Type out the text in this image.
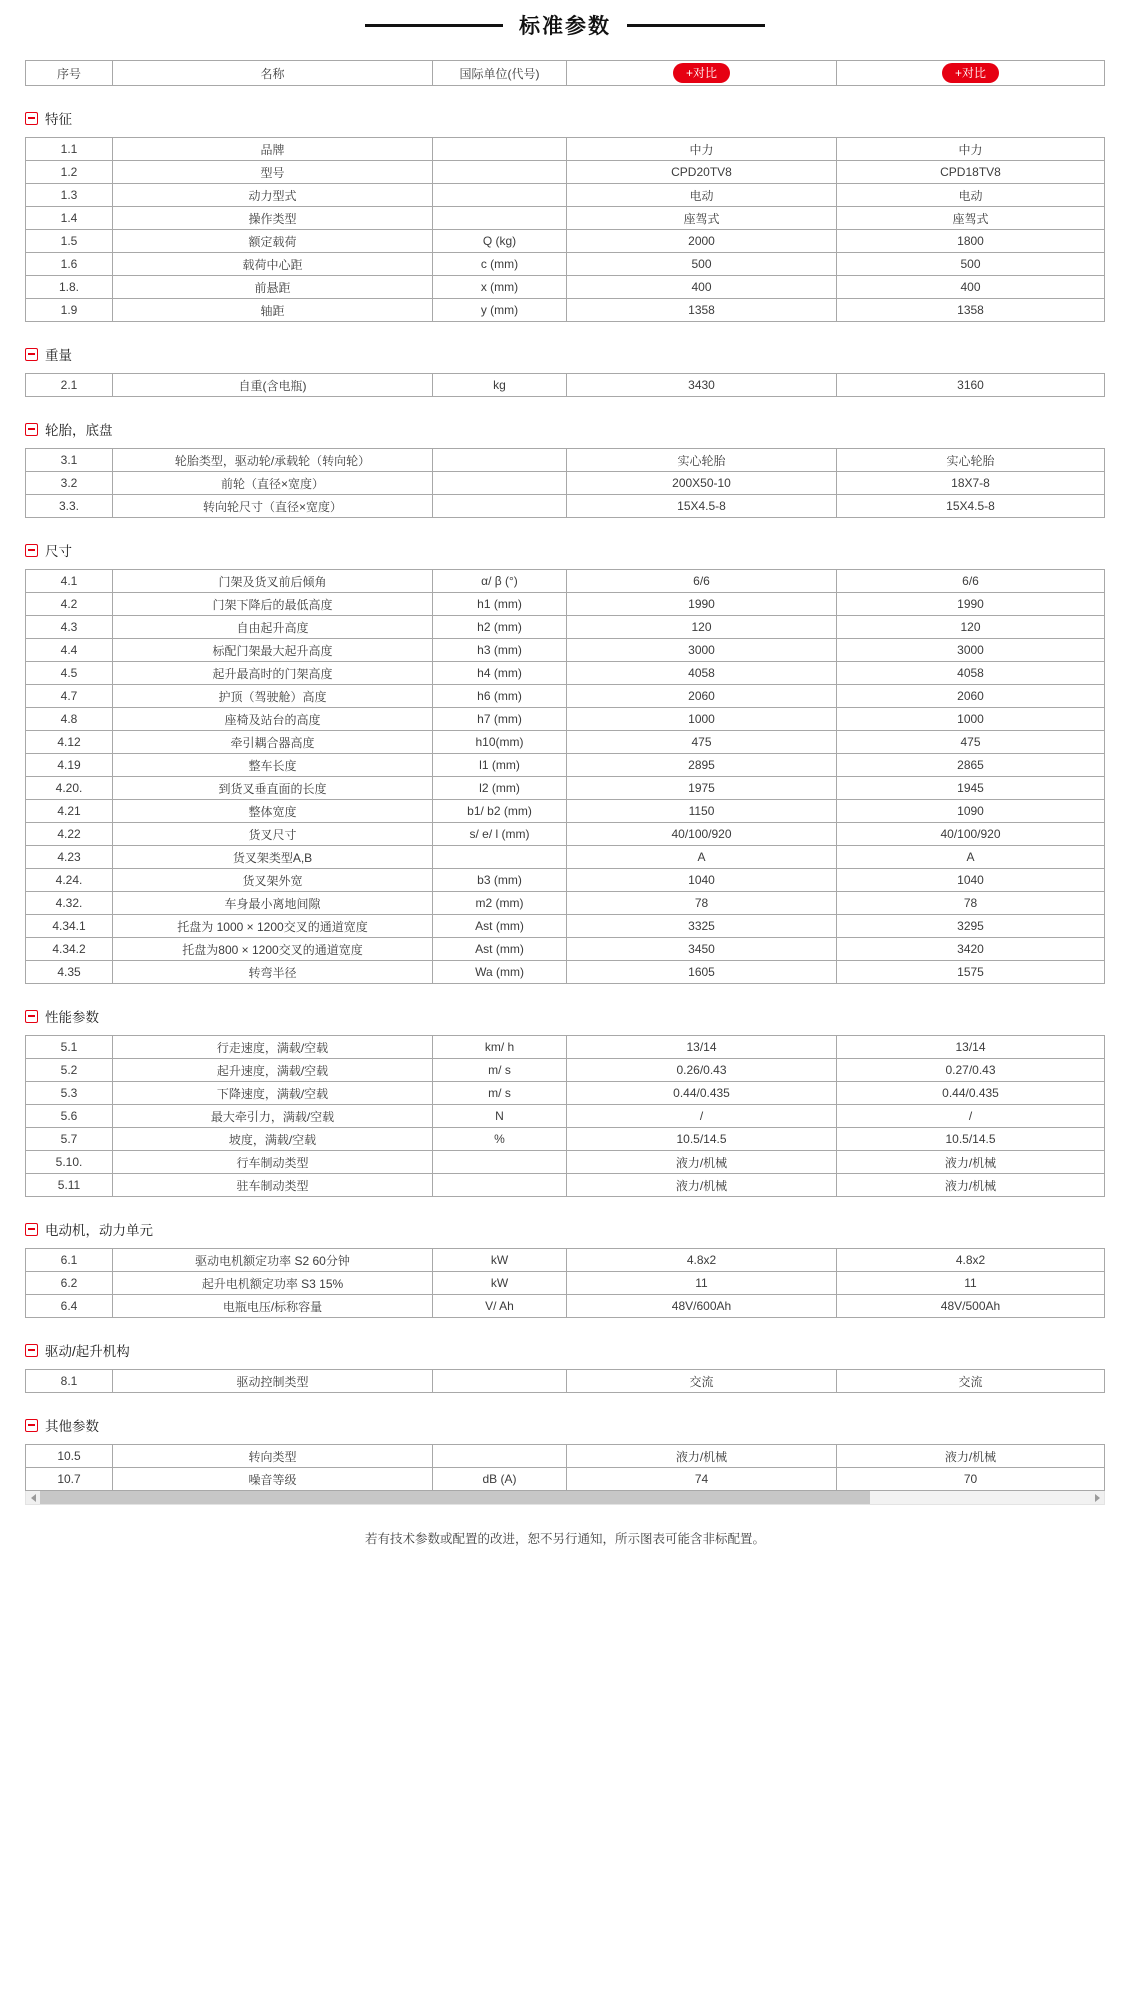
标准参数
序号	名称	国际单位(代号)	+对比	+对比
特征
1.1	品牌		中力	中力
1.2	型号		CPD20TV8	CPD18TV8
1.3	动力型式		电动	电动
1.4	操作类型		座驾式	座驾式
1.5	额定载荷	Q (kg)	2000	1800
1.6	载荷中心距	c (mm)	500	500
1.8.	前悬距	x (mm)	400	400
1.9	轴距	y (mm)	1358	1358
重量
2.1	自重(含电瓶)	kg	3430	3160
轮胎，底盘
3.1	轮胎类型，驱动轮/承载轮（转向轮）		实心轮胎	实心轮胎
3.2	前轮（直径×宽度）		200X50-10	18X7-8
3.3.	转向轮尺寸（直径×宽度）		15X4.5-8	15X4.5-8
尺寸
4.1	门架及货叉前后倾角	α/ β (°)	6/6	6/6
4.2	门架下降后的最低高度	h1 (mm)	1990	1990
4.3	自由起升高度	h2 (mm)	120	120
4.4	标配门架最大起升高度	h3 (mm)	3000	3000
4.5	起升最高时的门架高度	h4 (mm)	4058	4058
4.7	护顶（驾驶舱）高度	h6 (mm)	2060	2060
4.8	座椅及站台的高度	h7 (mm)	1000	1000
4.12	牵引耦合器高度	h10(mm)	475	475
4.19	整车长度	l1 (mm)	2895	2865
4.20.	到货叉垂直面的长度	l2 (mm)	1975	1945
4.21	整体宽度	b1/ b2 (mm)	1150	1090
4.22	货叉尺寸	s/ e/ l (mm)	40/100/920	40/100/920
4.23	货叉架类型A,B		A	A
4.24.	货叉架外宽	b3 (mm)	1040	1040
4.32.	车身最小离地间隙	m2 (mm)	78	78
4.34.1	托盘为 1000 × 1200交叉的通道宽度	Ast (mm)	3325	3295
4.34.2	托盘为800 × 1200交叉的通道宽度	Ast (mm)	3450	3420
4.35	转弯半径	Wa (mm)	1605	1575
性能参数
5.1	行走速度，满载/空载	km/ h	13/14	13/14
5.2	起升速度，满载/空载	m/ s	0.26/0.43	0.27/0.43
5.3	下降速度，满载/空载	m/ s	0.44/0.435	0.44/0.435
5.6	最大牵引力，满载/空载	N	/	/
5.7	坡度，满载/空载	%	10.5/14.5	10.5/14.5
5.10.	行车制动类型		液力/机械	液力/机械
5.11	驻车制动类型		液力/机械	液力/机械
电动机，动力单元
6.1	驱动电机额定功率 S2 60分钟	kW	4.8x2	4.8x2
6.2	起升电机额定功率 S3 15%	kW	11	11
6.4	电瓶电压/标称容量	V/ Ah	48V/600Ah	48V/500Ah
驱动/起升机构
8.1	驱动控制类型		交流	交流
其他参数
10.5	转向类型		液力/机械	液力/机械
10.7	噪音等级	dB (A)	74	70

若有技术参数或配置的改进，恕不另行通知，所示图表可能含非标配置。
